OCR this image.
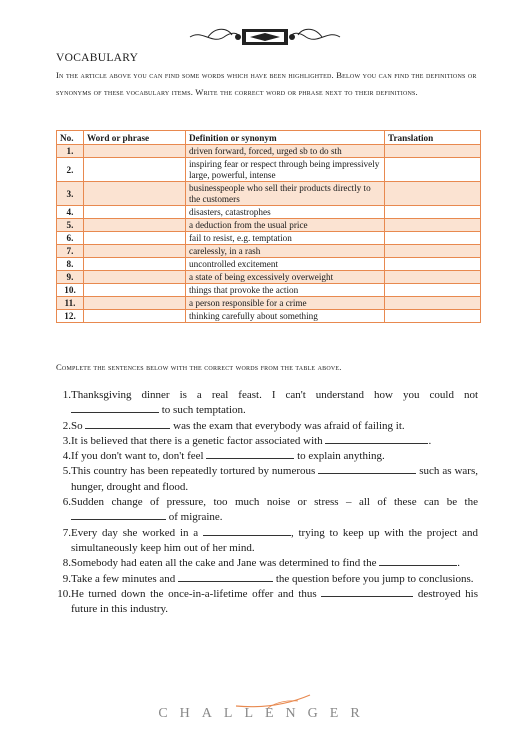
VOCABULARY
In the article above you can find some words which have been highlighted. Below you can find the definitions or synonyms of these vocabulary items. Write the correct word or phrase next to their definitions.
No.	Word or phrase	Definition or synonym	Translation
1.		driven forward, forced, urged sb to do sth	
2.		inspiring fear or respect through being impressively large, powerful, intense	
3.		businesspeople who sell their products directly to the customers	
4.		disasters, catastrophes	
5.		a deduction from the usual price	
6.		fail to resist, e.g. temptation	
7.		carelessly, in a rash	
8.		uncontrolled excitement	
9.		a state of being excessively overweight	
10.		things that provoke the action	
11.		a person responsible for a crime	
12.		thinking carefully about something	
Complete the sentences below with the correct words from the table above.
1. Thanksgiving dinner is a real feast. I can't understand how you could not  to such temptation.
2. So	was the exam that everybody was afraid of failing it.
3. It is believed that there is a genetic factor associated with	.
4. If you don't want to, don't feel	to explain anything.
5. This country has been repeatedly tortured by numerous	such as wars, hunger, drought and flood.
6. Sudden change of pressure, too much noise or stress – all of these can be the  of migraine.
7. Every day she worked in a	, trying to keep up with the project and simultaneously keep him out of her mind.
8. Somebody had eaten all the cake and Jane was determined to find the	.
9. Take a few minutes and	the question before you jump to conclusions.
10. He turned down the once-in-a-lifetime offer and thus	destroyed his future in this industry.
CHALLENGER
